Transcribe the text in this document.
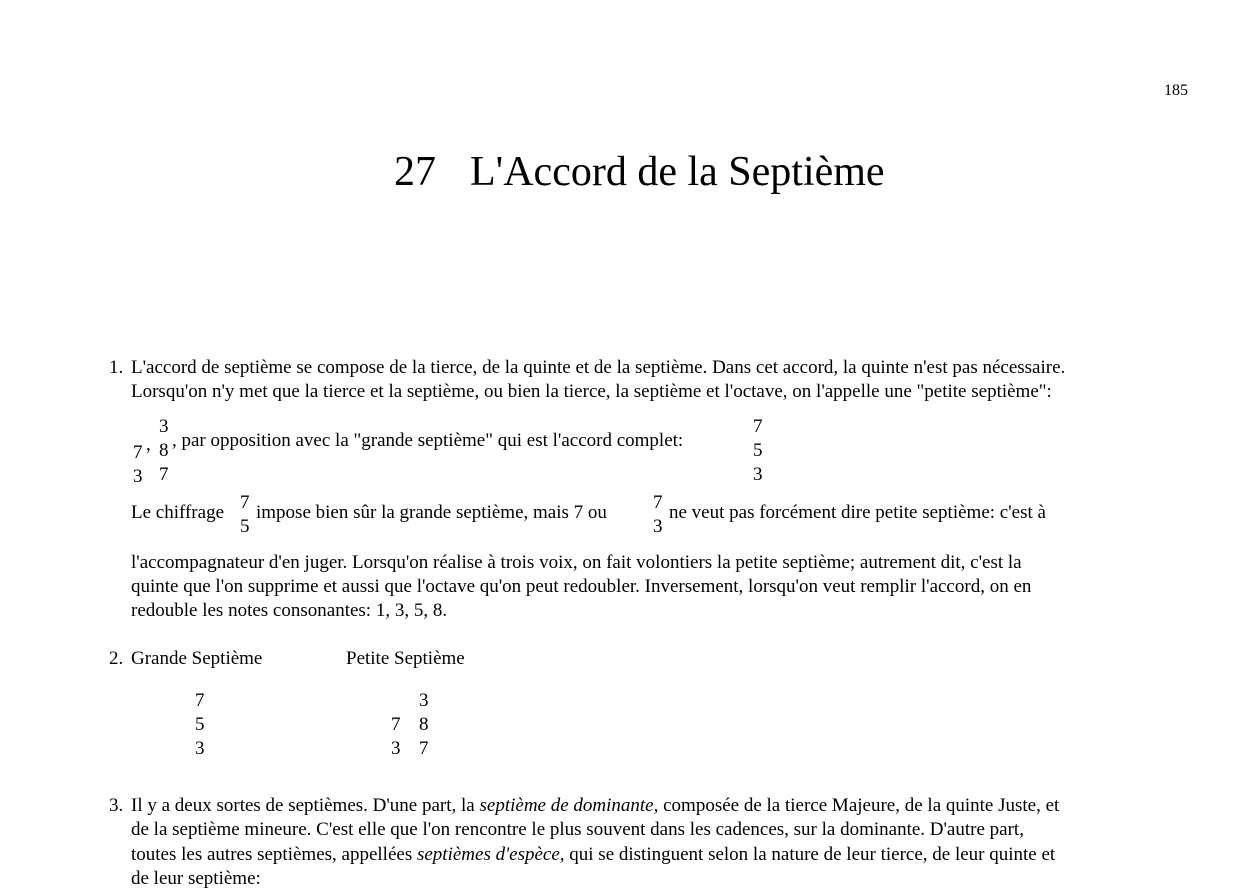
185
27 L'Accord de la Septième
1. L'accord de septième se compose de la tierce, de la quinte et de la septième. Dans cet accord, la quinte n'est pas nécessaire.
Lorsqu'on n'y met que la tierce et la septième, ou bien la tierce, la septième et l'octave, on l'appelle une "petite septième":
7
3
,
3
8
7
, par opposition avec la "grande septième" qui est l'accord complet:
7
5
3
Le chiffrage 7
5
impose bien sûr la grande septième, mais 7 ou 7
3
ne veut pas forcément dire petite septième: c'est à
l'accompagnateur d'en juger. Lorsqu'on réalise à trois voix, on fait volontiers la petite septième; autrement dit, c'est la
quinte que l'on supprime et aussi que l'octave qu'on peut redoubler. Inversement, lorsqu'on veut remplir l'accord, on en
redouble les notes consonantes: 1, 3, 5, 8.
2. Grande Septième	Petite Septième
7
5
3
7
3
3
8
7
3. Il y a deux sortes de septièmes. D'une part, la septième de dominante, composée de la tierce Majeure, de la quinte Juste, et
de la septième mineure. C'est elle que l'on rencontre le plus souvent dans les cadences, sur la dominante. D'autre part,
toutes les autres septièmes, appellées septièmes d'espèce, qui se distinguent selon la nature de leur tierce, de leur quinte et
de leur septième:
